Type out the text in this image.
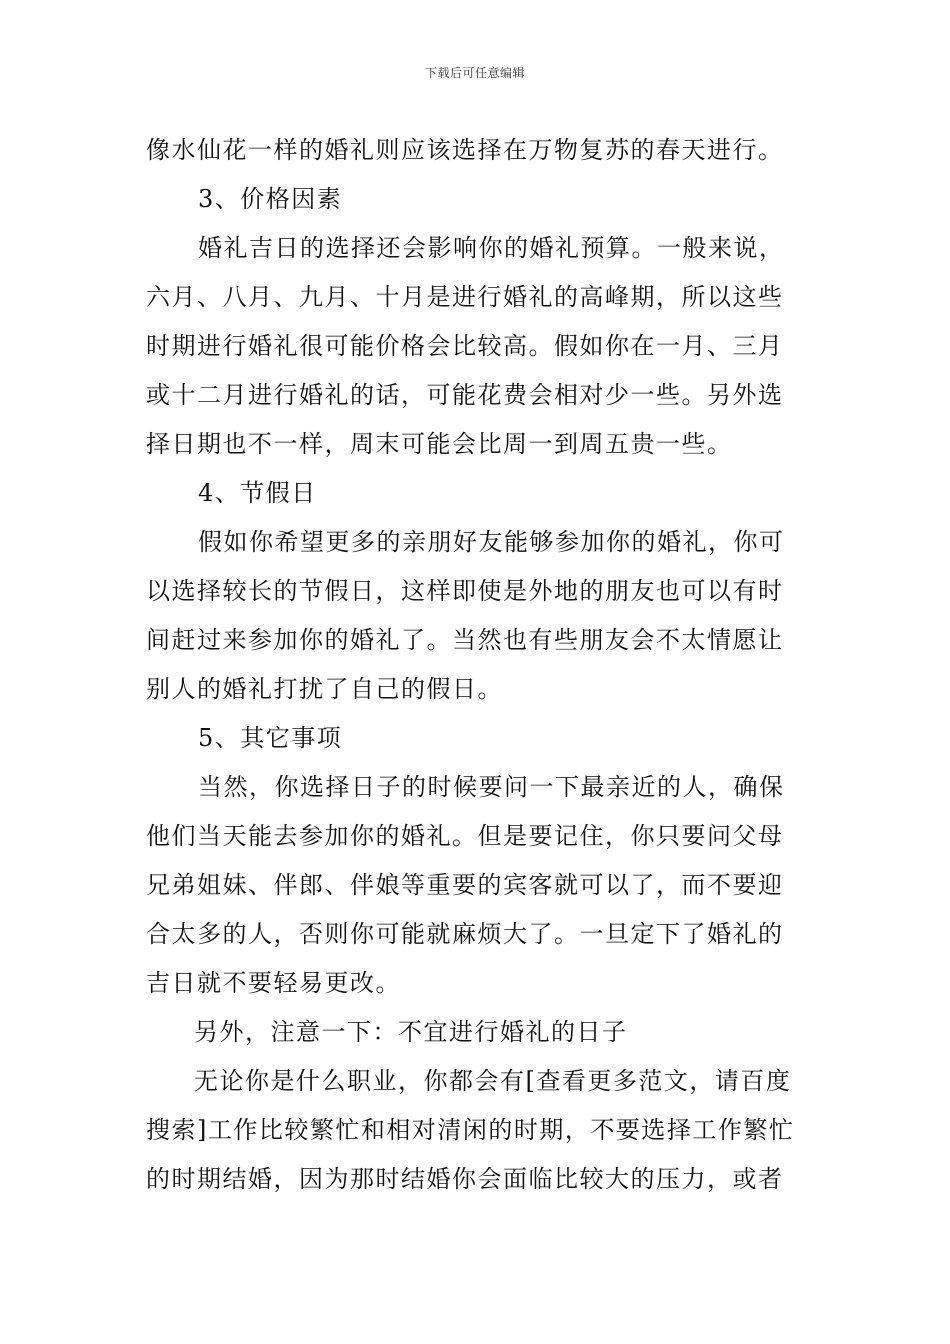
下载后可任意编辑
像水仙花一样的婚礼则应该选择在万物复苏的春天进行。
3、价格因素
婚礼吉日的选择还会影响你的婚礼预算。一般来说，
六月、八月、九月、十月是进行婚礼的高峰期，所以这些
时期进行婚礼很可能价格会比较高。假如你在一月、三月
或十二月进行婚礼的话，可能花费会相对少一些。另外选
择日期也不一样，周末可能会比周一到周五贵一些。
4、节假日
假如你希望更多的亲朋好友能够参加你的婚礼，你可
以选择较长的节假日，这样即使是外地的朋友也可以有时
间赶过来参加你的婚礼了。当然也有些朋友会不太情愿让
别人的婚礼打扰了自己的假日。
5、其它事项
当然，你选择日子的时候要问一下最亲近的人，确保
他们当天能去参加你的婚礼。但是要记住，你只要问父母
兄弟姐妹、伴郎、伴娘等重要的宾客就可以了，而不要迎
合太多的人，否则你可能就麻烦大了。一旦定下了婚礼的
吉日就不要轻易更改。
另外，注意一下：不宜进行婚礼的日子
无论你是什么职业，你都会有[查看更多范文，请百度
搜索]工作比较繁忙和相对清闲的时期，不要选择工作繁忙
的时期结婚，因为那时结婚你会面临比较大的压力，或者
